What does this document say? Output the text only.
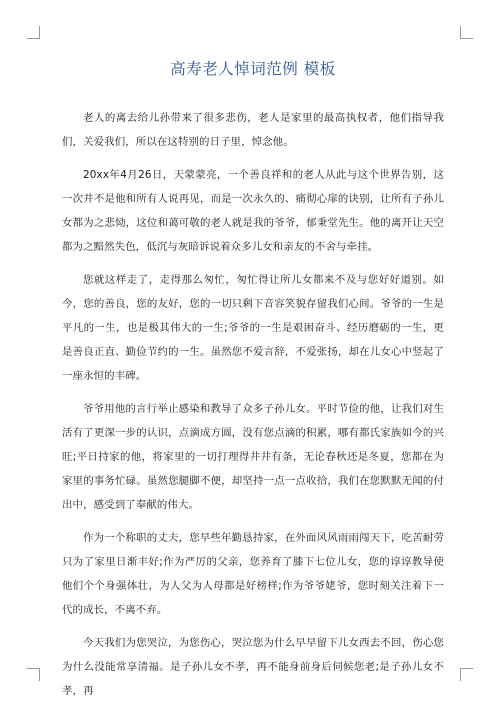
高寿老人悼词范例 模板

老人的离去给儿孙带来了很多悲伤，老人是家里的最高执权者，他们指导我们，关爱我们，所以在这特别的日子里，悼念他。

20xx年4月26日，天蒙蒙亮，一个善良祥和的老人从此与这个世界告别，这一次并不是他和所有人说再见，而是一次永久的、痛彻心扉的诀别，让所有子孙儿女都为之悲恸，这位和蔼可敬的老人就是我的爷爷，郁秉堂先生。他的离开让天空都为之黯然失色，低沉与灰暗诉说着众多儿女和亲友的不舍与牵挂。

您就这样走了，走得那么匆忙，匆忙得让所儿女都来不及与您好好道别。如今，您的善良，您的友好，您的一切只剩下音容笑貌存留我们心间。爷爷的一生是平凡的一生，也是极其伟大的一生;爷爷的一生是艰困奋斗、经历磨砺的一生，更是善良正直、勤俭节约的一生。虽然您不爱言辞，不爱张扬，却在儿女心中竖起了一座永恒的丰碑。

爷爷用他的言行举止感染和教导了众多子孙儿女。平时节俭的他，让我们对生活有了更深一步的认识，点滴成方圆，没有您点滴的积累，哪有都氏家族如今的兴旺;平日持家的他，将家里的一切打理得井井有条，无论春秋还是冬夏，您都在为家里的事务忙碌。虽然您腿脚不便，却坚持一点一点收拾，我们在您默默无闻的付出中，感受到了奉献的伟大。

作为一个称职的丈夫，您早些年勤恳持家，在外面风风雨雨闯天下，吃苦耐劳只为了家里日渐丰好;作为严厉的父亲，您养育了膝下七位儿女，您的谆谆教导使他们个个身强体壮，为人父为人母都是好榜样;作为爷爷姥爷，您时刻关注着下一代的成长，不离不弃。

今天我们为您哭泣，为您伤心，哭泣您为什么早早留下儿女西去不回，伤心您为什么没能常享清福。是子孙儿女不孝，再不能身前身后伺候您老;是子孙儿女不孝，再
